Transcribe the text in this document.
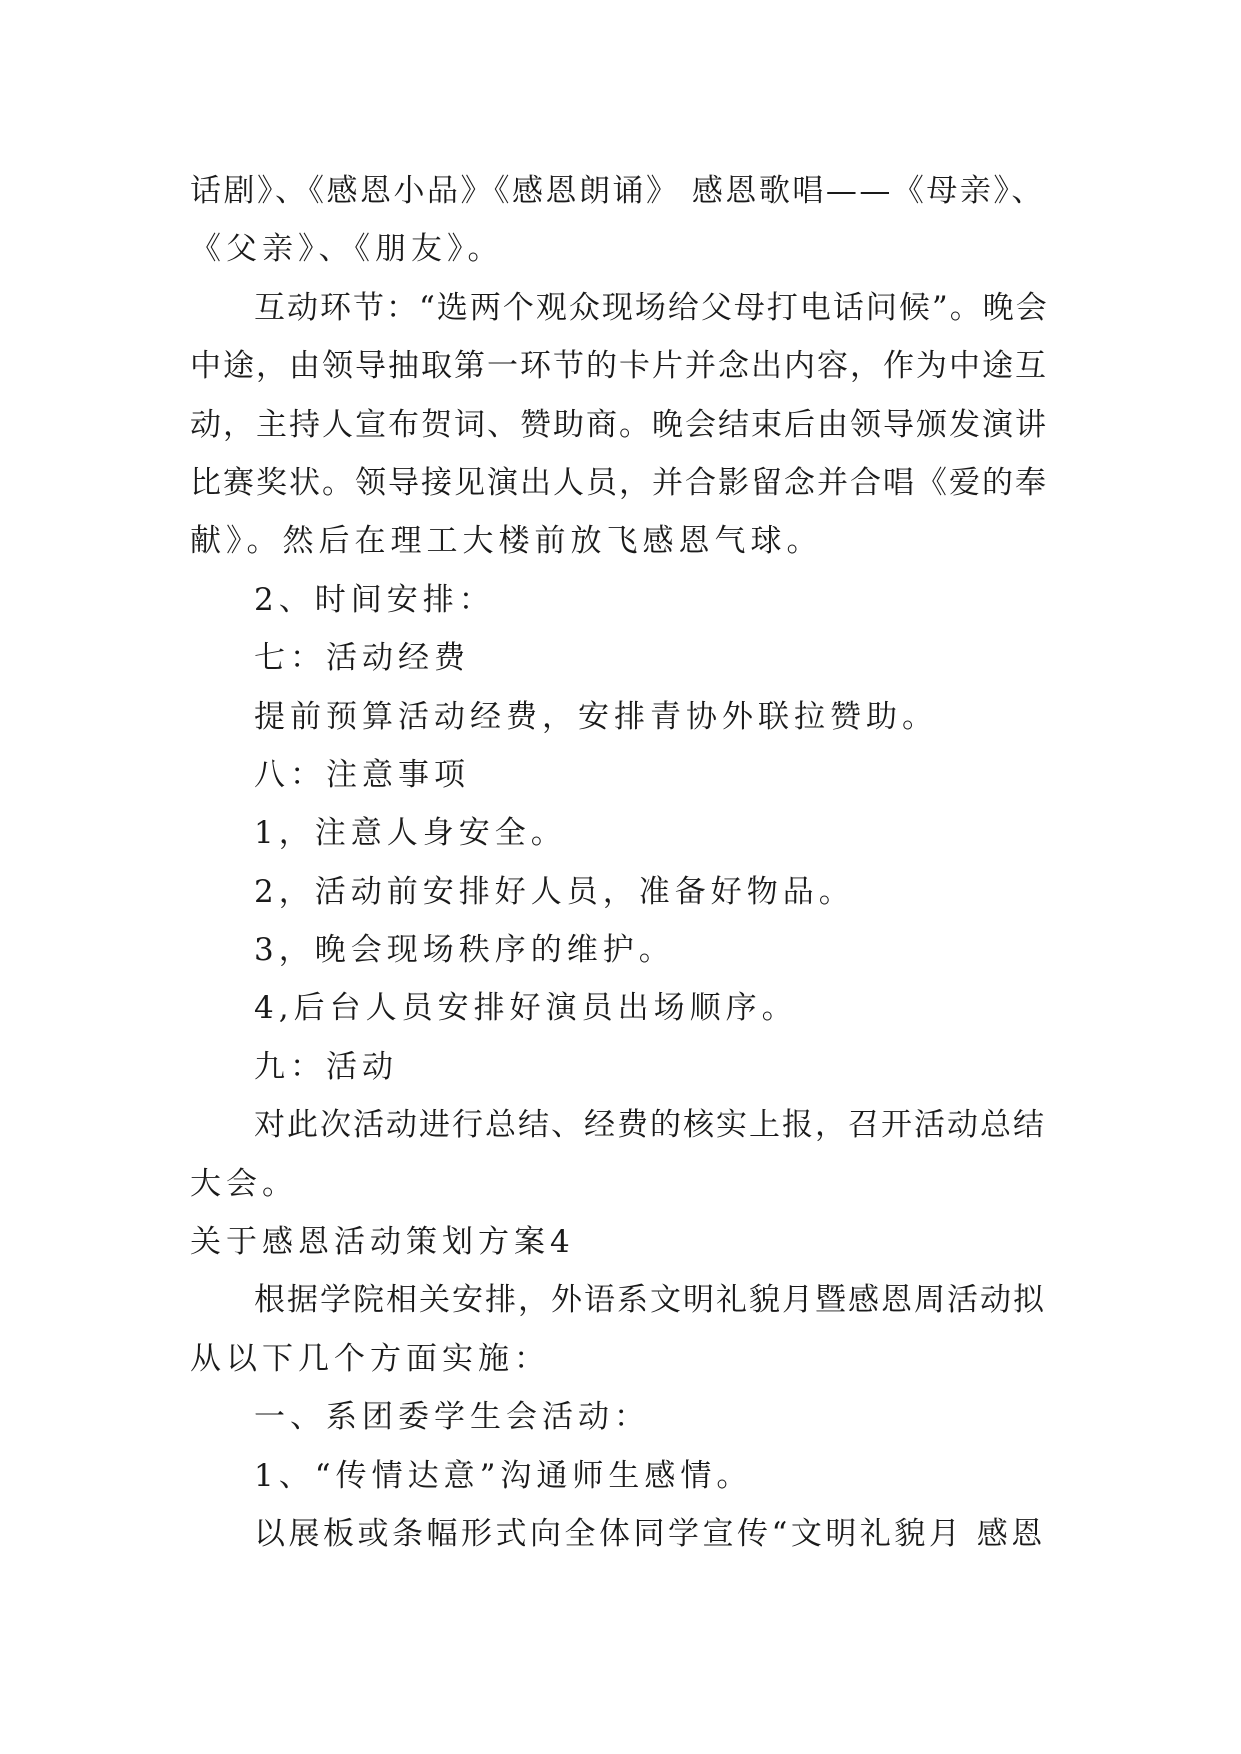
话剧》、《感恩小品》《感恩朗诵》 感恩歌唱——《母亲》、
《父亲》、《朋友》。
互动环节：“选两个观众现场给父母打电话问候”。晚会
中途，由领导抽取第一环节的卡片并念出内容，作为中途互
动，主持人宣布贺词、赞助商。晚会结束后由领导颁发演讲
比赛奖状。领导接见演出人员，并合影留念并合唱《爱的奉
献》。然后在理工大楼前放飞感恩气球。
2、时间安排：
七：活动经费
提前预算活动经费，安排青协外联拉赞助。
八：注意事项
1，注意人身安全。
2，活动前安排好人员，准备好物品。
3，晚会现场秩序的维护。
4,后台人员安排好演员出场顺序。
九：活动
对此次活动进行总结、经费的核实上报，召开活动总结
大会。
关于感恩活动策划方案4
根据学院相关安排，外语系文明礼貌月暨感恩周活动拟
从以下几个方面实施：
一、系团委学生会活动：
1、“传情达意”沟通师生感情。
以展板或条幅形式向全体同学宣传“文明礼貌月 感恩
